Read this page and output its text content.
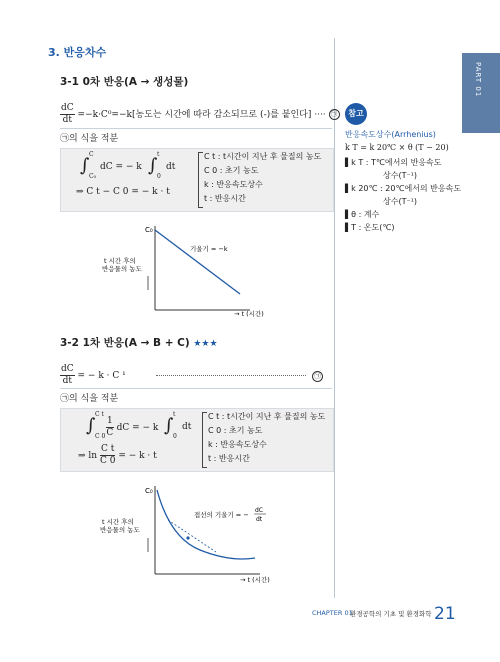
PART 01
3. 반응차수
3-1 0차 반응(A → 생성물)
$\frac{dC}{dt} =-k\cdot C^0=-k$[농도는 시간에 따라 감소되므로 (-)를 붙인다] ···· ㉠
㉠의 식을 적분
∫
C
C₀
dC = − k ∫
t
0
dt
⇒ C t − C 0 = − k · t
C t : t시간이 지난 후 물질의 농도
C 0 : 초기 농도
k : 반응속도상수
t : 반응시간
C₀
t 시간 후의
반응물의 농도
기울기 = −k
→ t (시간)
3-2 1차 반응(A → B + C) ★★★
$\frac{dC}{dt}$ = − k · C ¹	㉠
㉠의 식을 적분
∫
C t
C $0 \frac{1}{C}$ dC = − k ∫
t
0
dt
⇒ $\ln \frac{\text{C t}}{C 0}$ = − k · t
C t : t시간이 지난 후 물질의 농도
C 0 : 초기 농도
k : 반응속도상수
t : 반응시간
C₀
t 시간 후의
반응물의 농도
접선의 기울기 = −
dC
dt
→ t (시간)
참고
반응속도상수(Arrhenius)
k T = k 20℃ × θ (T − 20)
▌k T : T℃에서의 반응속도
상수(T⁻¹)
▌k 20℃ : 20℃에서의 반응속도
상수(T⁻¹)
▌θ : 계수
▌T : 온도(℃)
CHAPTER 01
환경공학의 기초 및 환경화학 21
